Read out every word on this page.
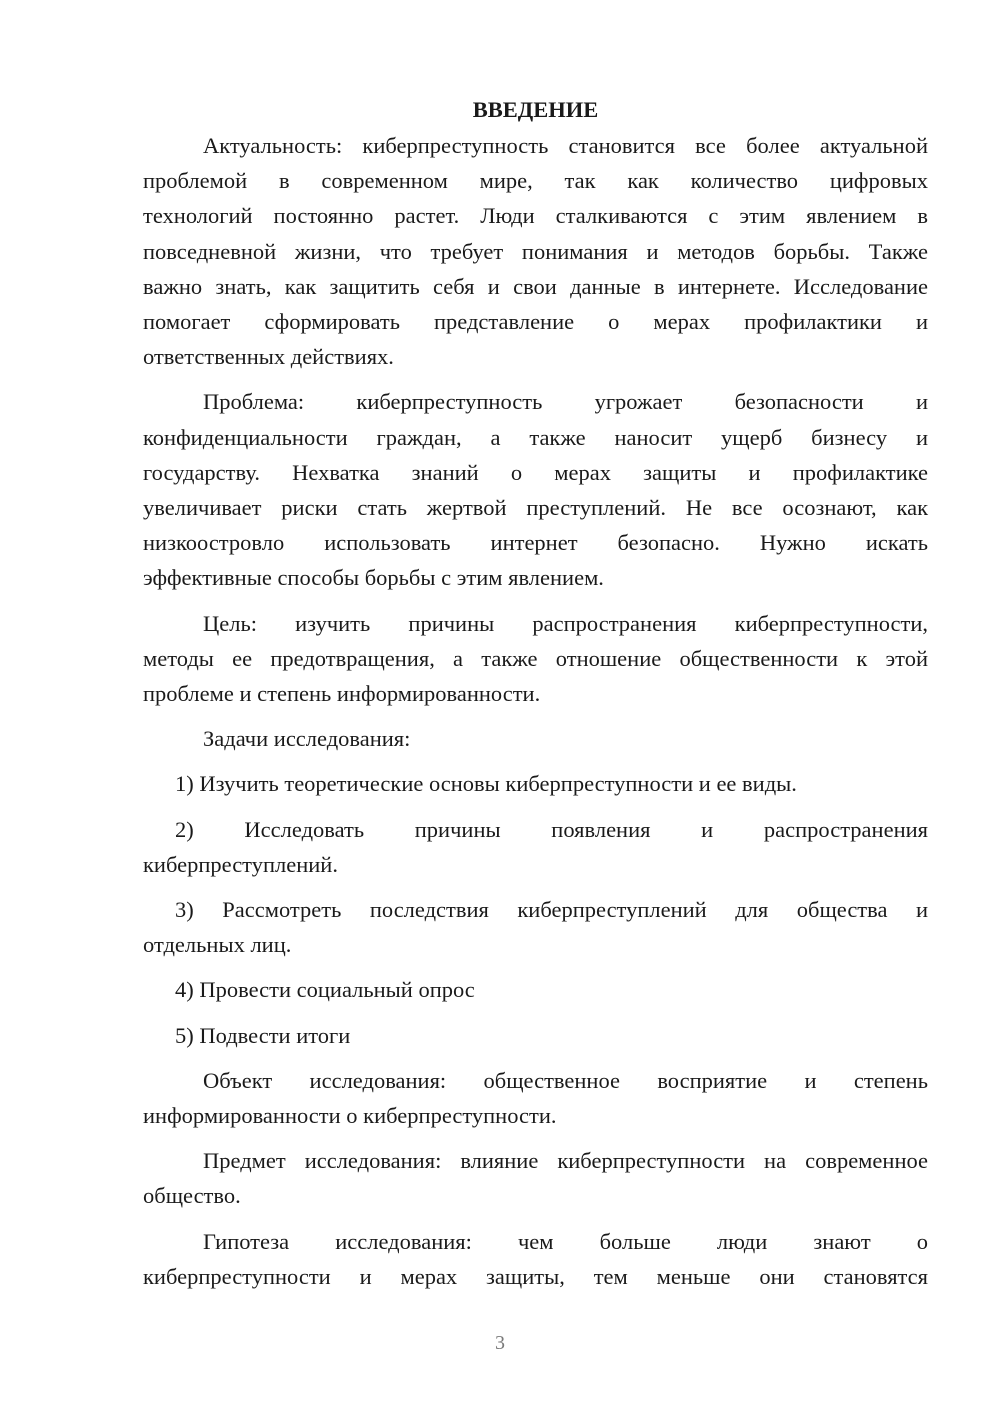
ВВЕДЕНИЕ
Актуальность: киберпреступность становится все более актуальной
проблемой в современном мире, так как количество цифровых
технологий постоянно растет. Люди сталкиваются с этим явлением в
повседневной жизни, что требует понимания и методов борьбы. Также
важно знать, как защитить себя и свои данные в интернете. Исследование
помогает сформировать представление о мерах профилактики и
ответственных действиях.
Проблема: киберпреступность угрожает безопасности и
конфиденциальности граждан, а также наносит ущерб бизнесу и
государству. Нехватка знаний о мерах защиты и профилактике
увеличивает риски стать жертвой преступлений. Не все осознают, как
низкоостровло использовать интернет безопасно. Нужно искать
эффективные способы борьбы с этим явлением.
Цель: изучить причины распространения киберпреступности,
методы ее предотвращения, а также отношение общественности к этой
проблеме и степень информированности.
Задачи исследования:
1) Изучить теоретические основы киберпреступности и ее виды.
2) Исследовать причины появления и распространения
киберпреступлений.
3) Рассмотреть последствия киберпреступлений для общества и
отдельных лиц.
4) Провести социальный опрос
5) Подвести итоги
Объект исследования: общественное восприятие и степень
информированности о киберпреступности.
Предмет исследования: влияние киберпреступности на современное
общество.
Гипотеза исследования: чем больше люди знают о
киберпреступности и мерах защиты, тем меньше они становятся
3
